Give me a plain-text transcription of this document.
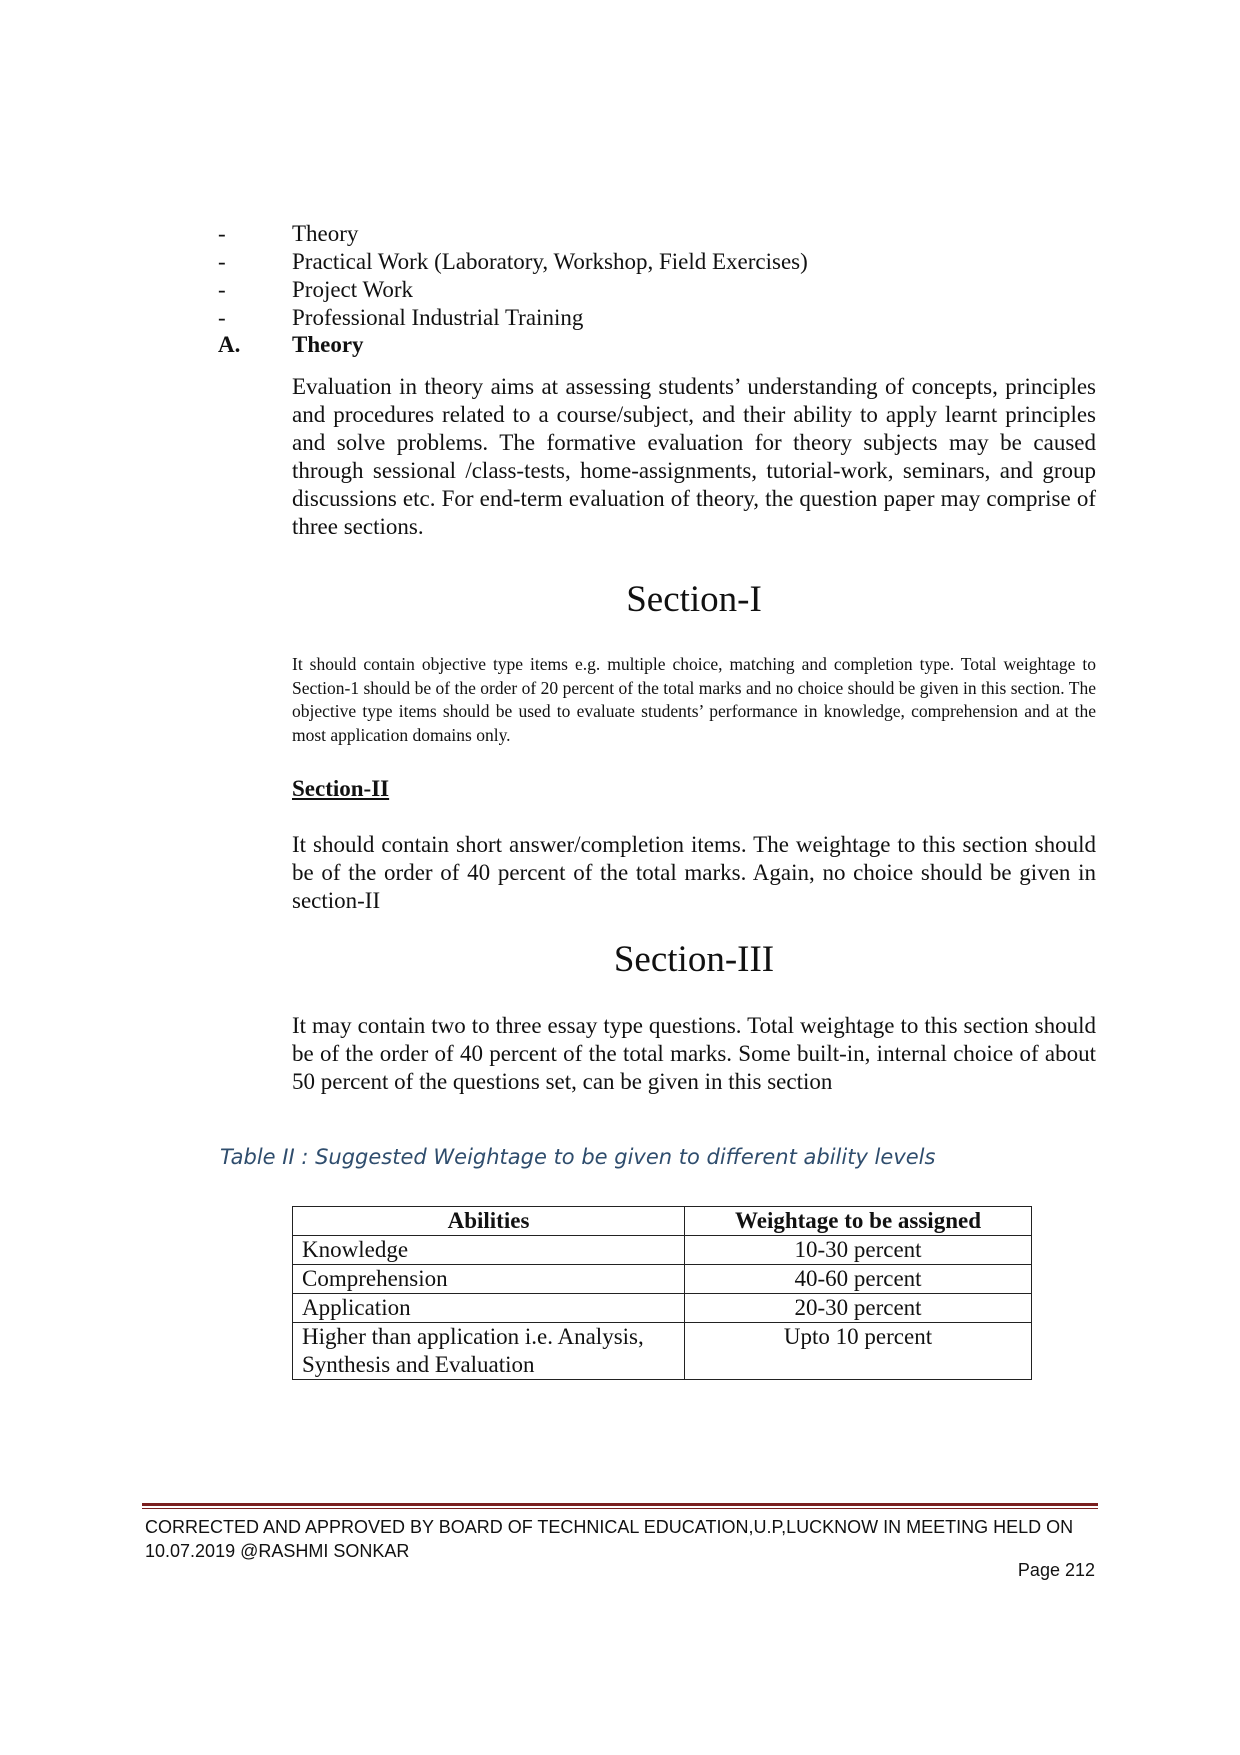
-	Theory
-	Practical Work (Laboratory, Workshop, Field Exercises)
-	Project Work
-	Professional Industrial Training
A.	Theory

Evaluation in theory aims at assessing students’ understanding of concepts, principles and procedures related to a course/subject, and their ability to apply learnt principles and solve problems. The formative evaluation for theory subjects may be caused through sessional /class-tests, home-assignments, tutorial-work, seminars, and group discussions etc. For end-term evaluation of theory, the question paper may comprise of three sections.

Section-I

It should contain objective type items e.g. multiple choice, matching and completion type. Total weightage to Section-1 should be of the order of 20 percent of the total marks and no choice should be given in this section. The objective type items should be used to evaluate students’ performance in knowledge, comprehension and at the most application domains only.

Section-II

It should contain short answer/completion items. The weightage to this section should be of the order of 40 percent of the total marks. Again, no choice should be given in section-II

Section-III

It may contain two to three essay type questions. Total weightage to this section should be of the order of 40 percent of the total marks. Some built-in, internal choice of about 50 percent of the questions set, can be given in this section

Table II : Suggested Weightage to be given to different ability levels
Abilities	Weightage to be assigned
Knowledge	10-30 percent
Comprehension	40-60 percent
Application	20-30 percent
Higher than application i.e. Analysis, Synthesis and Evaluation	Upto 10 percent
CORRECTED AND APPROVED BY BOARD OF TECHNICAL EDUCATION,U.P,LUCKNOW IN MEETING HELD ON
10.07.2019 @RASHMI SONKAR
Page 212
